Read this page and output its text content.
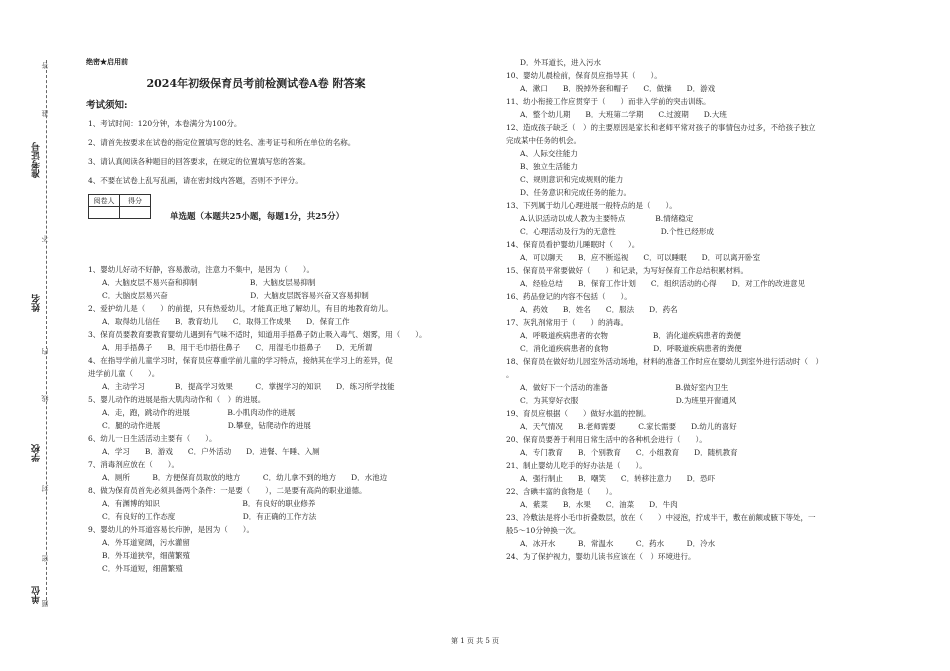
单位
学校
姓名
准考证号
题
答
准
不
内
线
封
密
绝密★启用前
2024年初级保育员考前检测试卷A卷 附答案
考试须知:
1、考试时间：120分钟，本卷满分为100分。
2、请首先按要求在试卷的指定位置填写您的姓名、准考证号和所在单位的名称。
3、请认真阅读各种题目的回答要求，在规定的位置填写您的答案。
4、不要在试卷上乱写乱画，请在密封线内答题，否则不予评分。
阅卷人	得分

单选题（本题共25小题，每题1分，共25分）
1、婴幼儿好动不好静，容易激动，注意力不集中，是因为（　　）。
A．大脑皮层不易兴奋和抑制　　　　　　　B．大脑皮层易抑制
C．大脑皮层易兴奋　　　　　　　　　　　D．大脑皮层既容易兴奋又容易抑制
2、爱护幼儿是（　　）的前提，只有热爱幼儿，才能真正地了解幼儿，有目的地教育幼儿。
A．取得幼儿信任　　B．教育幼儿　　C．取得工作成果　　D．保育工作
3、保育员要教育要教育婴幼儿遇到有气味不适时，知道用手捂鼻子防止吸入毒气、烟雾，用（　　）。
A．用手捂鼻子　　B．用干毛巾捂住鼻子　　C．用湿毛巾捂鼻子　　D．无所谓
4、在指导学前儿童学习时，保育员应尊重学前儿童的学习特点，接纳其在学习上的差异，促
进学前儿童（　　）。
A．主动学习　　　　B．提高学习效果　　　C．掌握学习的知识　　D．练习所学技能
5、婴儿动作的进展是指大肌肉动作和（　）的进展。
A．走，跑，跳动作的进展　　　　　B.小肌肉动作的进展
C．腿的动作进展　　　　　　　　　D.攀登，钻爬动作的进展
6、幼儿一日生活活动主要有（　　）。
A．学习　　B．游戏　　C．户外活动　　D．进餐、午睡、入厕
7、消毒剂应放在（　　）。
A．厕所　　　B．方便保育员取放的地方　　　C．幼儿拿不到的地方　　D．水池边
8、做为保育员首先必须具备两个条件：一是要（　　），二是要有高尚的职业道德。
A．有渊博的知识　　　　　　　　　　　B．有良好的职业修养
C．有良好的工作态度　　　　　　　　　D．有正确的工作方法
9、婴幼儿的外耳道容易长疖肿，是因为（　　）。
A．外耳道宽阔，污水灌留
B．外耳道狭窄，细菌繁殖
C．外耳道短，细菌繁殖
D．外耳道长，进入污水
10、婴幼儿晨检前，保育员应指导其（　　）。
A．漱口　　B．脱掉外套和帽子　　C．做操　　D．游戏
11、幼小衔接工作应贯穿于（　　）而非入学前的突击训练。
A．整个幼儿期　　B．大班第二学期　　C.过渡期　　D.大班
12、造成孩子缺乏（　）的主要原因是家长和老师平常对孩子的事情包办过多，不给孩子独立
完成某中任务的机会。
A、人际交往能力
B、独立生活能力
C、规则意识和完成规则的能力
D、任务意识和完成任务的能力。
13、下列属于幼儿心理进展一般特点的是（　　）。
A.认识活动以成人教为主要特点　　　　B.情绪稳定
C．心理活动及行为的无意性　　　　　　D.个性已经形成
14、保育员看护婴幼儿睡眠时（　　）。
A．可以聊天　　B．应不断巡视　　C．可以睡眠　　D．可以离开卧室
15、保育员平常要做好（　　）和记录，为写好保育工作总结积累材料。
A．经验总结　　B．保育工作计划　　C．组织活动的心得　　D．对工作的改进意见
16、药品登记的内容不包括（　　）。
A．药效　　B．姓名　　C．服法　　D．药名
17、灰乳剂常用于（　　）的消毒。
A．呼吸道疾病患者的衣物　　　　　　B．消化道疾病患者的粪便
C．消化道疾病患者的食物　　　　　　D．呼吸道疾病患者的粪便
18、保育员在做好幼儿园室外活动场地，材料的准备工作时应在婴幼儿到室外进行活动时（　）
。
A．做好下一个活动的准备　　　　　　　　　B.做好室内卫生
C．为其穿好衣服　　　　　　　　　　　　　D.为班里开窗通风
19、育员应根据（　　）做好水温的控制。
A．天气情况　　B.老师需要　　　C.家长需要　　D.幼儿的喜好
20、保育员要善于利用日常生活中的各种机会进行（　　）。
A．专门教育　　B．个别教育　　C．小组教育　　D．随机教育
21、制止婴幼儿吃手的好办法是（　　）。
A．强行制止　　B．嘲笑　　C．转移注意力　　D．恐吓
22、含碘丰富的食物是（　　）。
A．紫菜　　B．水果　　C．油菜　　D．牛肉
23、冷敷法是将小毛巾折叠数层，放在（　　）中浸泡，拧成半干，敷在前额或腋下等处，一
般5～10分钟换一次。
A．冰开水　　　B．常温水　　　C．药水　　　D．冷水
24、为了保护视力，婴幼儿读书应该在（　）环境进行。
第 1 页 共 5 页
